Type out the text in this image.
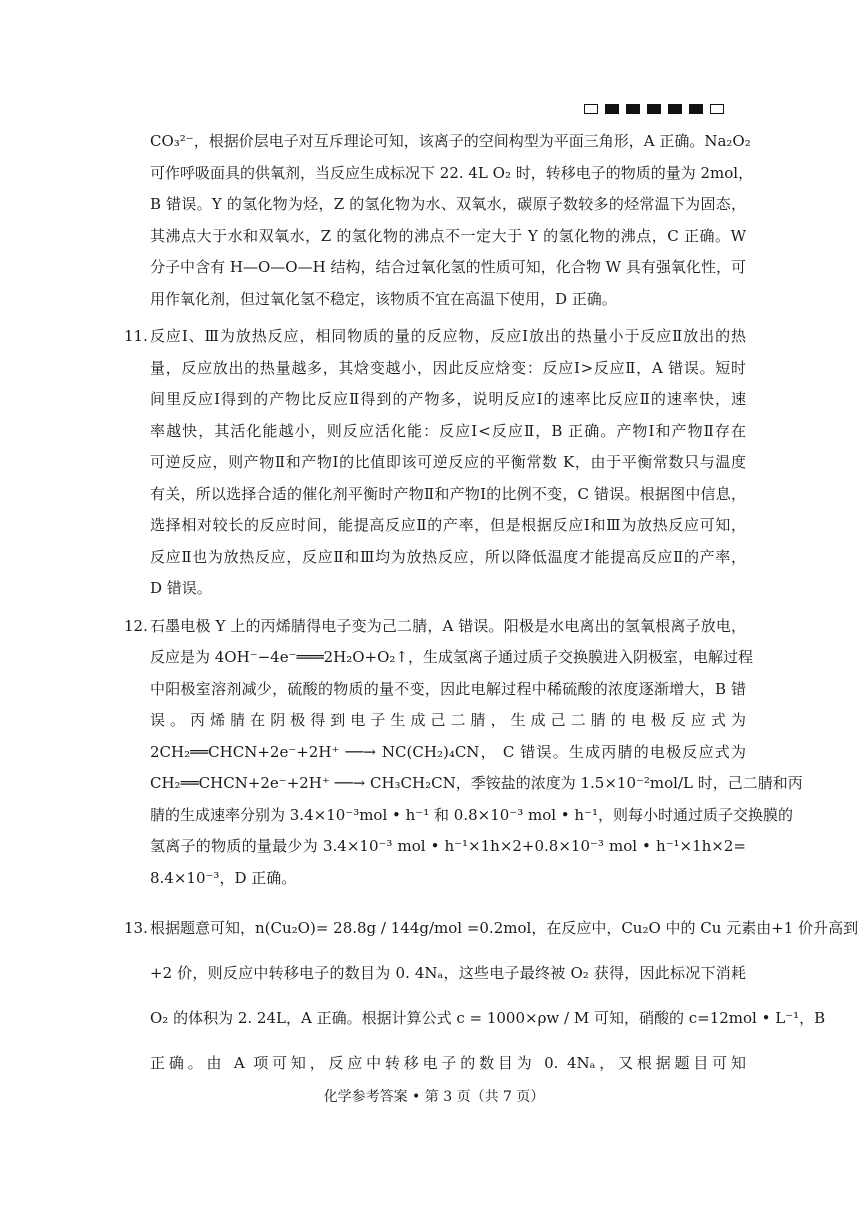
CO₃²⁻，根据价层电子对互斥理论可知，该离子的空间构型为平面三角形，A 正确。Na₂O₂
可作呼吸面具的供氧剂，当反应生成标况下 22. 4L O₂ 时，转移电子的物质的量为 2mol，
B 错误。Y 的氢化物为烃，Z 的氢化物为水、双氧水，碳原子数较多的烃常温下为固态，
其沸点大于水和双氧水，Z 的氢化物的沸点不一定大于 Y 的氢化物的沸点，C 正确。W
分子中含有 H—O—O—H 结构，结合过氧化氢的性质可知，化合物 W 具有强氧化性，可
用作氧化剂，但过氧化氢不稳定，该物质不宜在高温下使用，D 正确。
11. 反应Ⅰ、Ⅲ为放热反应，相同物质的量的反应物，反应Ⅰ放出的热量小于反应Ⅱ放出的热
量，反应放出的热量越多，其焓变越小，因此反应焓变：反应Ⅰ>反应Ⅱ，A 错误。短时
间里反应Ⅰ得到的产物比反应Ⅱ得到的产物多，说明反应Ⅰ的速率比反应Ⅱ的速率快，速
率越快，其活化能越小，则反应活化能：反应Ⅰ<反应Ⅱ，B 正确。产物Ⅰ和产物Ⅱ存在
可逆反应，则产物Ⅱ和产物Ⅰ的比值即该可逆反应的平衡常数 K，由于平衡常数只与温度
有关，所以选择合适的催化剂平衡时产物Ⅱ和产物Ⅰ的比例不变，C 错误。根据图中信息，
选择相对较长的反应时间，能提高反应Ⅱ的产率，但是根据反应Ⅰ和Ⅲ为放热反应可知，
反应Ⅱ也为放热反应，反应Ⅱ和Ⅲ均为放热反应，所以降低温度才能提高反应Ⅱ的产率，
D 错误。
12. 石墨电极 Y 上的丙烯腈得电子变为己二腈，A 错误。阳极是水电离出的氢氧根离子放电，
反应是为 4OH⁻−4e⁻═══2H₂O+O₂↑，生成氢离子通过质子交换膜进入阴极室，电解过程
中阳极室溶剂减少，硫酸的物质的量不变，因此电解过程中稀硫酸的浓度逐渐增大，B 错
误。丙烯腈在阴极得到电子生成己二腈，生成己二腈的电极反应式为
2CH₂══CHCN+2e⁻+2H⁺ ──→ NC(CH₂)₄CN， C 错误。生成丙腈的电极反应式为
CH₂══CHCN+2e⁻+2H⁺ ──→ CH₃CH₂CN，季铵盐的浓度为 1.5×10⁻²mol/L 时，己二腈和丙
腈的生成速率分别为 3.4×10⁻³mol • h⁻¹ 和 0.8×10⁻³ mol • h⁻¹，则每小时通过质子交换膜的
氢离子的物质的量最少为 3.4×10⁻³ mol • h⁻¹×1h×2+0.8×10⁻³ mol • h⁻¹×1h×2=
8.4×10⁻³，D 正确。
13. 根据题意可知，n(Cu₂O)= 28.8g / 144g/mol =0.2mol，在反应中，Cu₂O 中的 Cu 元素由+1 价升高到
+2 价，则反应中转移电子的数目为 0. 4Nₐ，这些电子最终被 O₂ 获得，因此标况下消耗
O₂ 的体积为 2. 24L，A 正确。根据计算公式 c = 1000×ρw / M 可知，硝酸的 c=12mol • L⁻¹，B
正确。由 A 项可知，反应中转移电子的数目为 0. 4Nₐ，又根据题目可知
化学参考答案 • 第 3 页（共 7 页）
